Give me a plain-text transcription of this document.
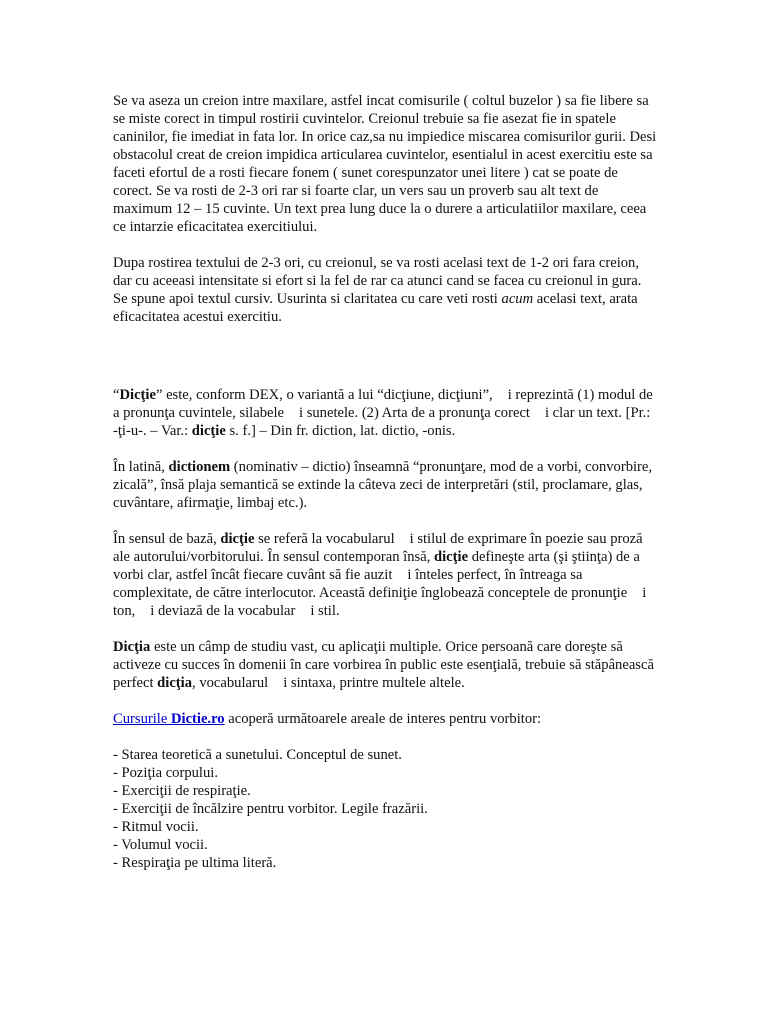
Se va aseza un creion intre maxilare, astfel incat comisurile ( coltul buzelor ) sa fie libere sa se miste corect in timpul rostirii cuvintelor. Creionul trebuie sa fie asezat fie in spatele caninilor, fie imediat in fata lor. In orice caz,sa nu impiedice miscarea comisurilor gurii. Desi obstacolul creat de creion impidica articularea cuvintelor, esentialul in acest exercitiu este sa faceti efortul de a rosti fiecare fonem ( sunet corespunzator unei litere ) cat se poate de corect. Se va rosti de 2-3 ori rar si foarte clar, un vers sau un proverb sau alt text de maximum 12 – 15 cuvinte. Un text prea lung duce la o durere a articulatiilor maxilare, ceea ce intarzie eficacitatea exercitiului.

Dupa rostirea textului de 2-3 ori, cu creionul, se va rosti acelasi text de 1-2 ori fara creion, dar cu aceeasi intensitate si efort si la fel de rar ca atunci cand se facea cu creionul in gura. Se spune apoi textul cursiv. Usurinta si claritatea cu care veti rosti acum acelasi text, arata eficacitatea acestui exercitiu.

“Dicţie” este, conform DEX, o variantă a lui “dicţiune, dicţiuni”, i reprezintă (1) modul de a pronunţa cuvintele, silabele i sunetele. (2) Arta de a pronunţa corect i clar un text. [Pr.: -ţi-u-. – Var.: dicţie s. f.] – Din fr. diction, lat. dictio, -onis.

În latină, dictionem (nominativ – dictio) înseamnă “pronunţare, mod de a vorbi, convorbire, zicală”, însă plaja semantică se extinde la câteva zeci de interpretări (stil, proclamare, glas, cuvântare, afirmaţie, limbaj etc.).

În sensul de bază, dicţie se referă la vocabularul i stilul de exprimare în poezie sau proză ale autorului/vorbitorului. În sensul contemporan însă, dicţie defineşte arta (şi ştiinţa) de a vorbi clar, astfel încât fiecare cuvânt să fie auzit i înteles perfect, în întreaga sa complexitate, de către interlocutor. Această definiţie înglobează conceptele de pronunţie i ton, i deviază de la vocabular i stil.

Dicţia este un câmp de studiu vast, cu aplicaţii multiple. Orice persoană care doreşte să activeze cu succes în domenii în care vorbirea în public este esenţială, trebuie să stăpânească perfect dicţia, vocabularul i sintaxa, printre multele altele.

Cursurile Dictie.ro acoperă următoarele areale de interes pentru vorbitor:

- Starea teoretică a sunetului. Conceptul de sunet.
- Poziţia corpului.
- Exerciţii de respiraţie.
- Exerciţii de încălzire pentru vorbitor. Legile frazării.
- Ritmul vocii.
- Volumul vocii.
- Respiraţia pe ultima literă.
